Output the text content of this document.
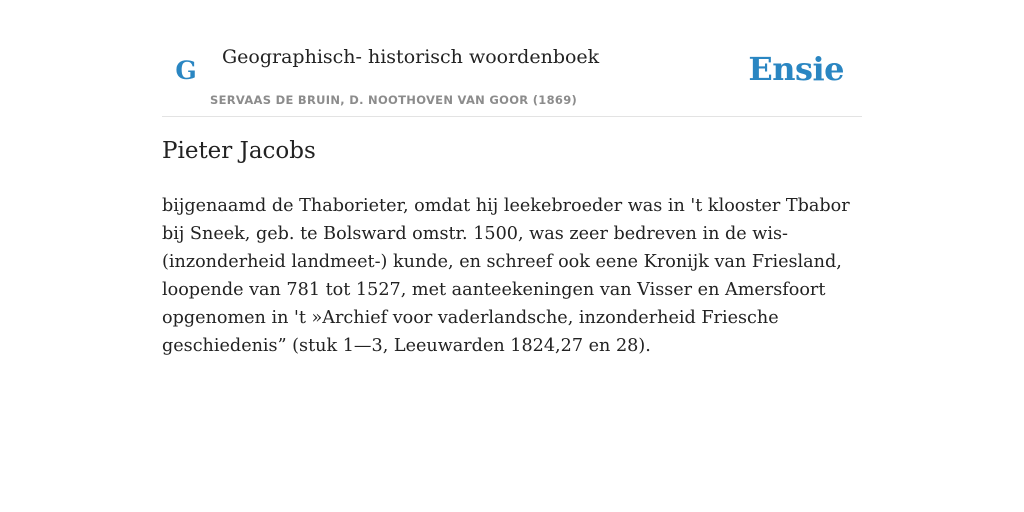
G Geographisch- historisch woordenboek
SERVAAS DE BRUIN, D. NOOTHOVEN VAN GOOR (1869)
Ensie
Pieter Jacobs

bijgenaamd de Thaborieter, omdat hij leekebroeder was in 't klooster Tbabor bij Sneek, geb. te Bolsward omstr. 1500, was zeer bedreven in de wis- (inzonderheid landmeet-) kunde, en schreef ook eene Kronijk van Friesland, loopende van 781 tot 1527, met aanteekeningen van Visser en Amersfoort opgenomen in 't »Archief voor vaderlandsche, inzonderheid Friesche geschiedenis” (stuk 1—3, Leeuwarden 1824,27 en 28).
